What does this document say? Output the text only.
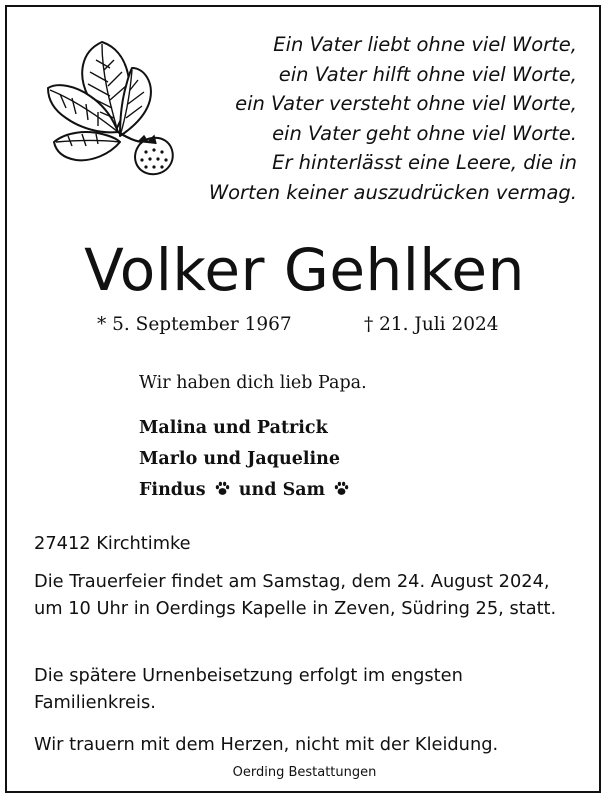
Ein Vater liebt ohne viel Worte,
ein Vater hilft ohne viel Worte,
ein Vater versteht ohne viel Worte,
ein Vater geht ohne viel Worte.
Er hinterlässt eine Leere, die in
Worten keiner auszudrücken vermag.
Volker Gehlken
* 5. September 1967	† 21. Juli 2024
Wir haben dich lieb Papa.
Malina und Patrick
Marlo und Jaqueline
Findus und Sam

27412 Kirchtimke

Die Trauerfeier findet am Samstag, dem 24. August 2024, um 10 Uhr in Oerdings Kapelle in Zeven, Südring 25, statt.

Die spätere Urnenbeisetzung erfolgt im engsten Familienkreis.

Wir trauern mit dem Herzen, nicht mit der Kleidung.

Oerding Bestattungen
